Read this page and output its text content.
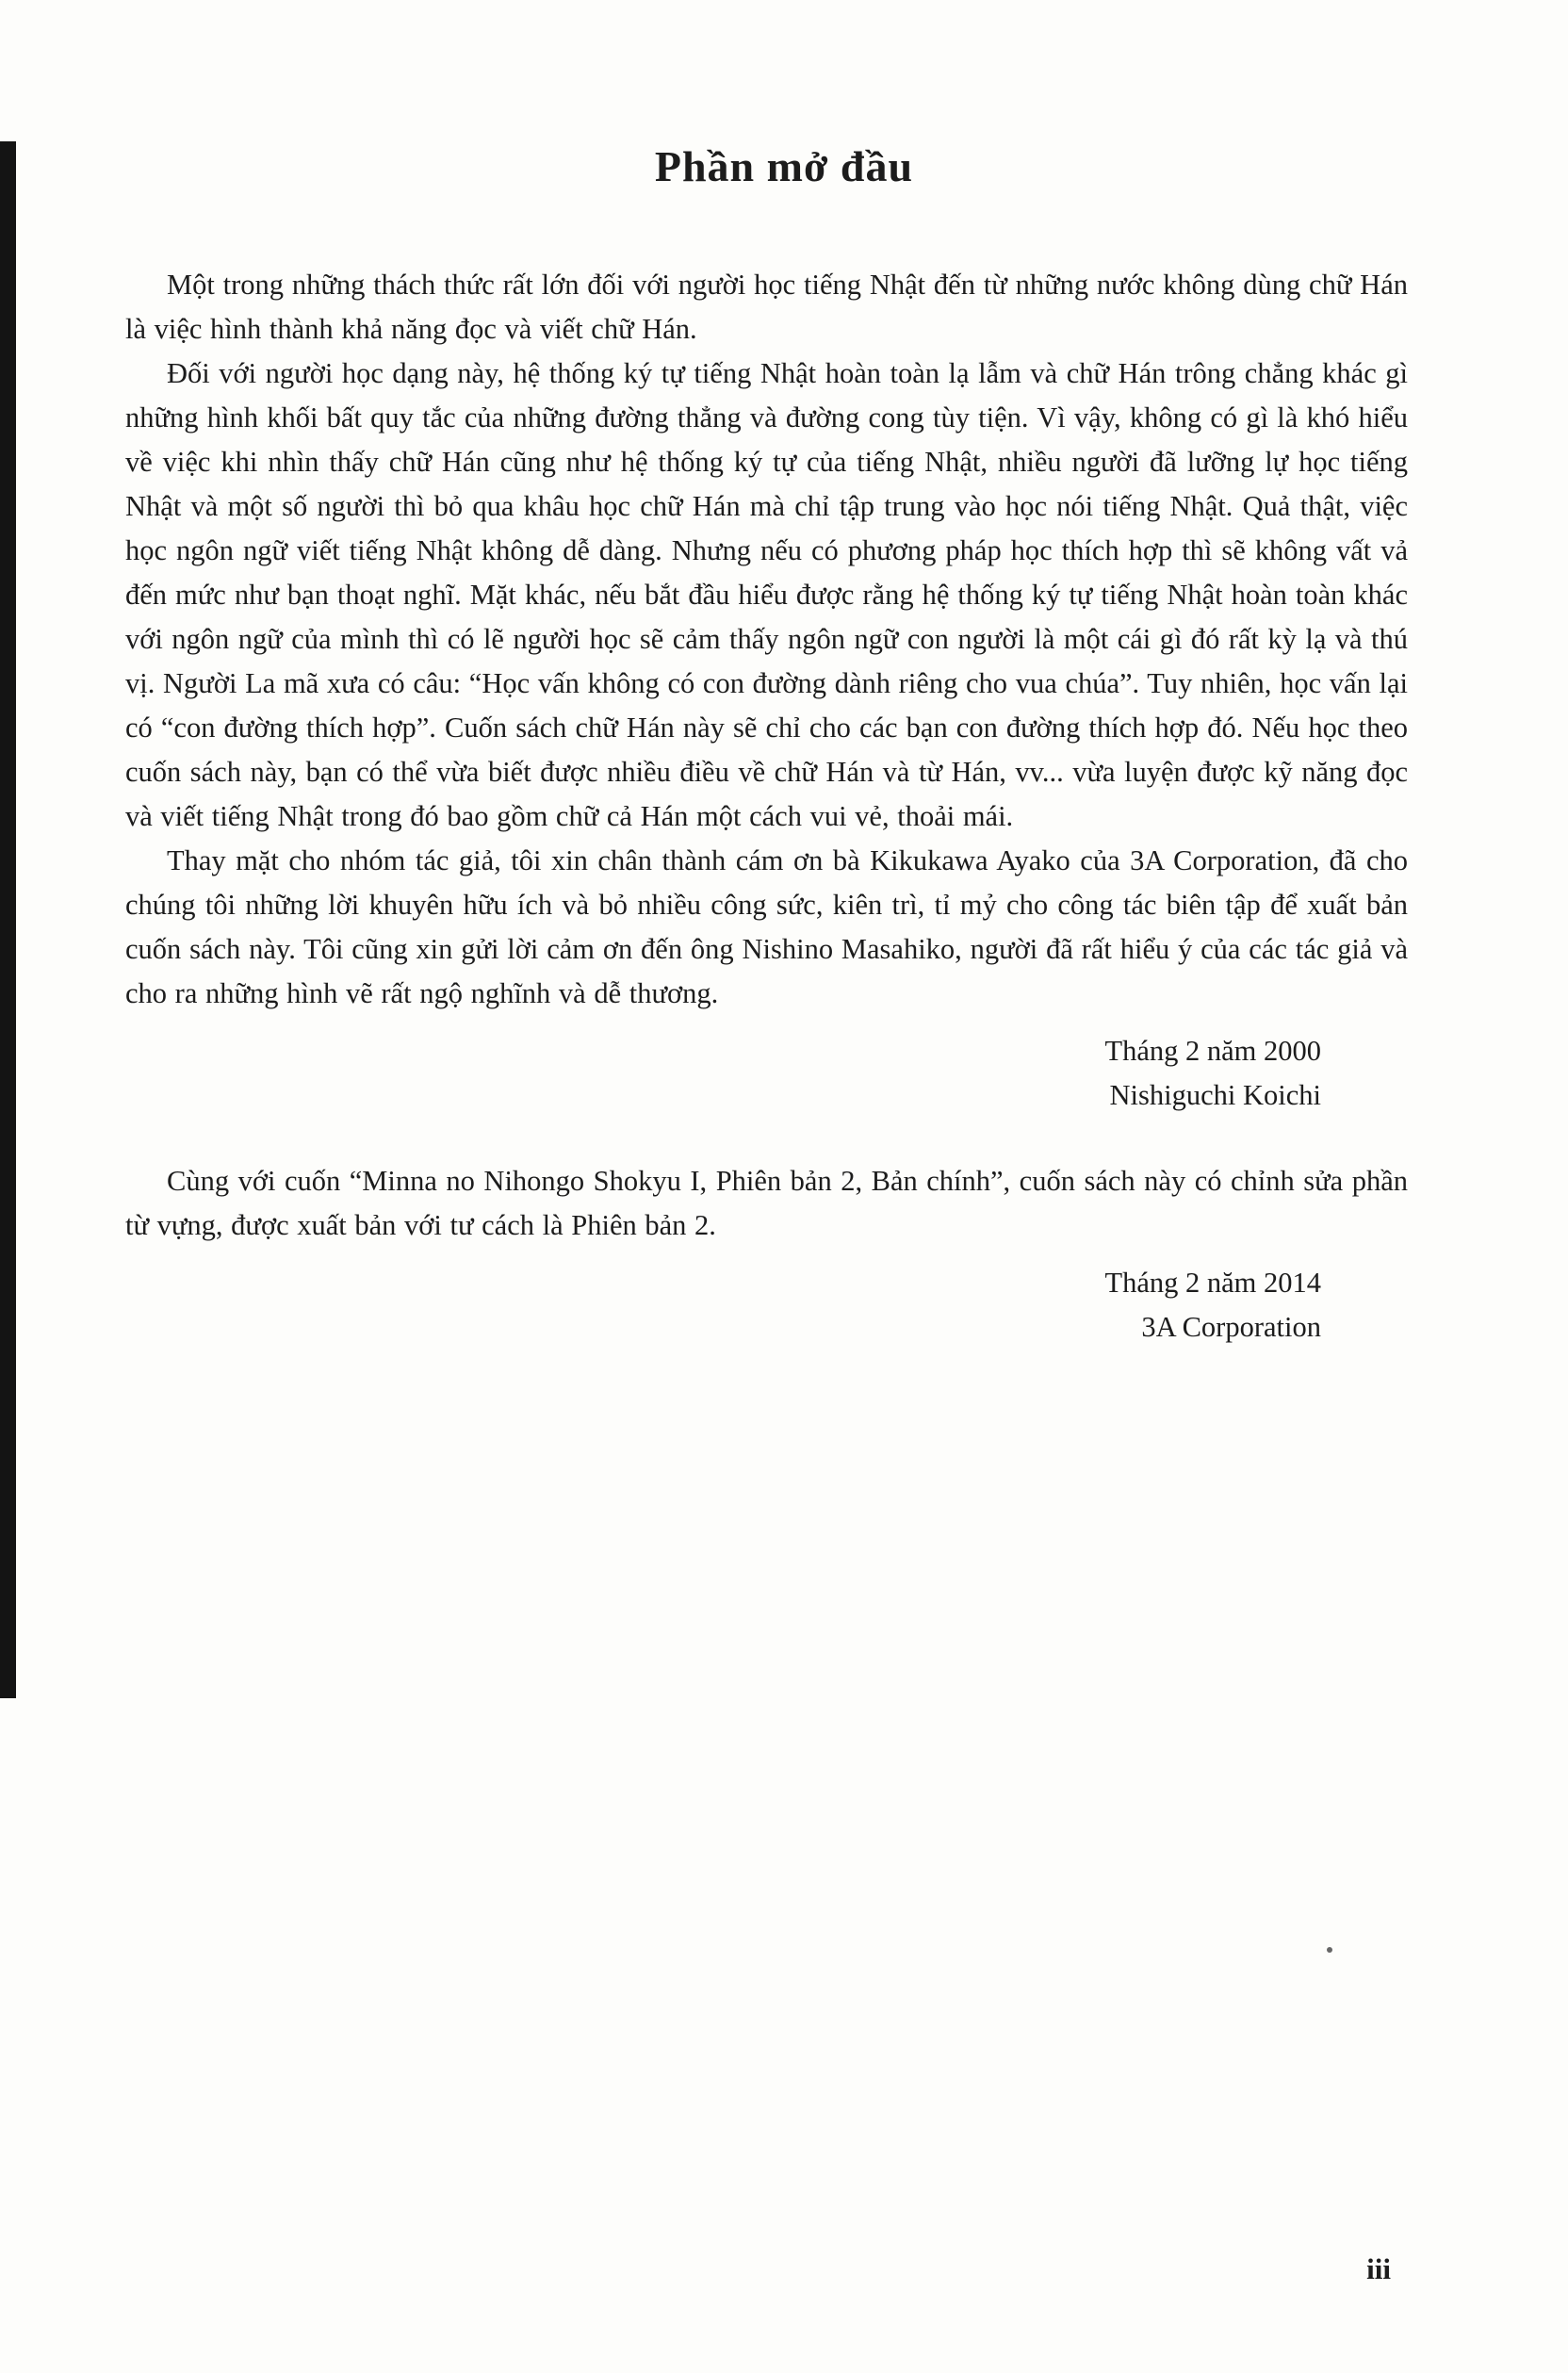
Phần mở đầu

Một trong những thách thức rất lớn đối với người học tiếng Nhật đến từ những nước không dùng chữ Hán là việc hình thành khả năng đọc và viết chữ Hán.

Đối với người học dạng này, hệ thống ký tự tiếng Nhật hoàn toàn lạ lẫm và chữ Hán trông chẳng khác gì những hình khối bất quy tắc của những đường thẳng và đường cong tùy tiện. Vì vậy, không có gì là khó hiểu về việc khi nhìn thấy chữ Hán cũng như hệ thống ký tự của tiếng Nhật, nhiều người đã lưỡng lự học tiếng Nhật và một số người thì bỏ qua khâu học chữ Hán mà chỉ tập trung vào học nói tiếng Nhật. Quả thật, việc học ngôn ngữ viết tiếng Nhật không dễ dàng. Nhưng nếu có phương pháp học thích hợp thì sẽ không vất vả đến mức như bạn thoạt nghĩ. Mặt khác, nếu bắt đầu hiểu được rằng hệ thống ký tự tiếng Nhật hoàn toàn khác với ngôn ngữ của mình thì có lẽ người học sẽ cảm thấy ngôn ngữ con người là một cái gì đó rất kỳ lạ và thú vị. Người La mã xưa có câu: “Học vấn không có con đường dành riêng cho vua chúa”. Tuy nhiên, học vấn lại có “con đường thích hợp”. Cuốn sách chữ Hán này sẽ chỉ cho các bạn con đường thích hợp đó. Nếu học theo cuốn sách này, bạn có thể vừa biết được nhiều điều về chữ Hán và từ Hán, vv... vừa luyện được kỹ năng đọc và viết tiếng Nhật trong đó bao gồm chữ cả Hán một cách vui vẻ, thoải mái.

Thay mặt cho nhóm tác giả, tôi xin chân thành cám ơn bà Kikukawa Ayako của 3A Corporation, đã cho chúng tôi những lời khuyên hữu ích và bỏ nhiều công sức, kiên trì, tỉ mỷ cho công tác biên tập để xuất bản cuốn sách này. Tôi cũng xin gửi lời cảm ơn đến ông Nishino Masahiko, người đã rất hiểu ý của các tác giả và cho ra những hình vẽ rất ngộ nghĩnh và dễ thương.

Tháng 2 năm 2000
Nishiguchi Koichi

Cùng với cuốn “Minna no Nihongo Shokyu I, Phiên bản 2, Bản chính”, cuốn sách này có chỉnh sửa phần từ vựng, được xuất bản với tư cách là Phiên bản 2.

Tháng 2 năm 2014
3A Corporation
iii
